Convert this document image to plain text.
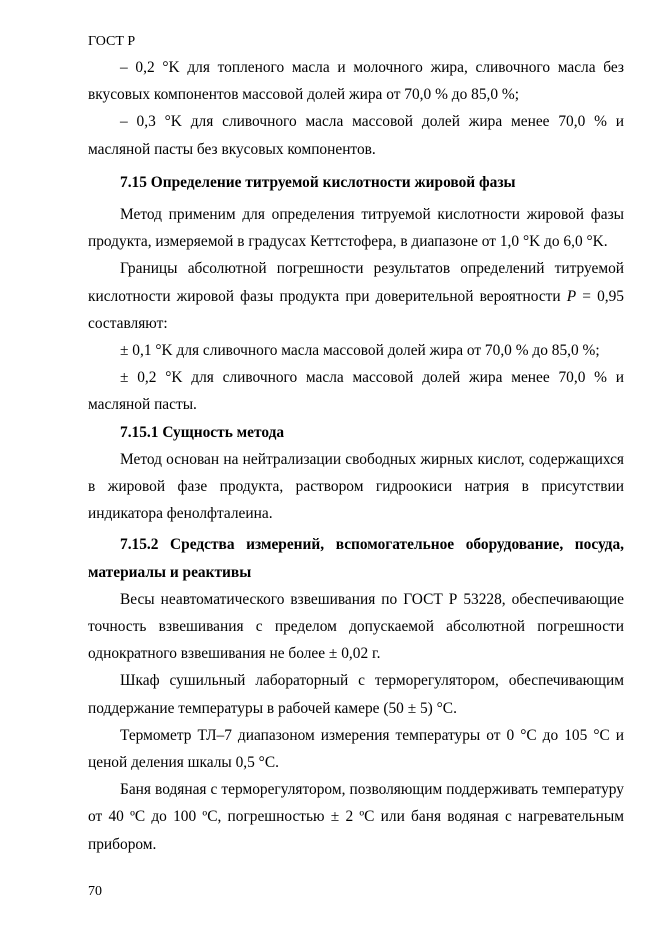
ГОСТ Р

– 0,2 °K для топленого масла и молочного жира, сливочного масла без вкусовых компонентов массовой долей жира от 70,0 % до 85,0 %;

– 0,3 °K для сливочного масла массовой долей жира менее 70,0 % и масляной пасты без вкусовых компонентов.

7.15 Определение титруемой кислотности жировой фазы

Метод применим для определения титруемой кислотности жировой фазы продукта, измеряемой в градусах Кеттстофера, в диапазоне от 1,0 °K до 6,0 °K.

Границы абсолютной погрешности результатов определений титруемой кислотности жировой фазы продукта при доверительной вероятности P = 0,95 составляют:

± 0,1 °K для сливочного масла массовой долей жира от 70,0 % до 85,0 %;

± 0,2 °K для сливочного масла массовой долей жира менее 70,0 % и масляной пасты.

7.15.1 Сущность метода

Метод основан на нейтрализации свободных жирных кислот, содержащихся в жировой фазе продукта, раствором гидроокиси натрия в присутствии индикатора фенолфталеина.

7.15.2 Средства измерений, вспомогательное оборудование, посуда, материалы и реактивы

Весы неавтоматического взвешивания по ГОСТ Р 53228, обеспечивающие точность взвешивания с пределом допускаемой абсолютной погрешности однократного взвешивания не более ± 0,02 г.

Шкаф сушильный лабораторный с терморегулятором, обеспечивающим поддержание температуры в рабочей камере (50 ± 5) °С.

Термометр ТЛ–7 диапазоном измерения температуры от 0 °С до 105 °С и ценой деления шкалы 0,5 °С.

Баня водяная с терморегулятором, позволяющим поддерживать температуру от 40 ºС до 100 ºС, погрешностью ± 2 ºС или баня водяная с нагревательным прибором.

70
